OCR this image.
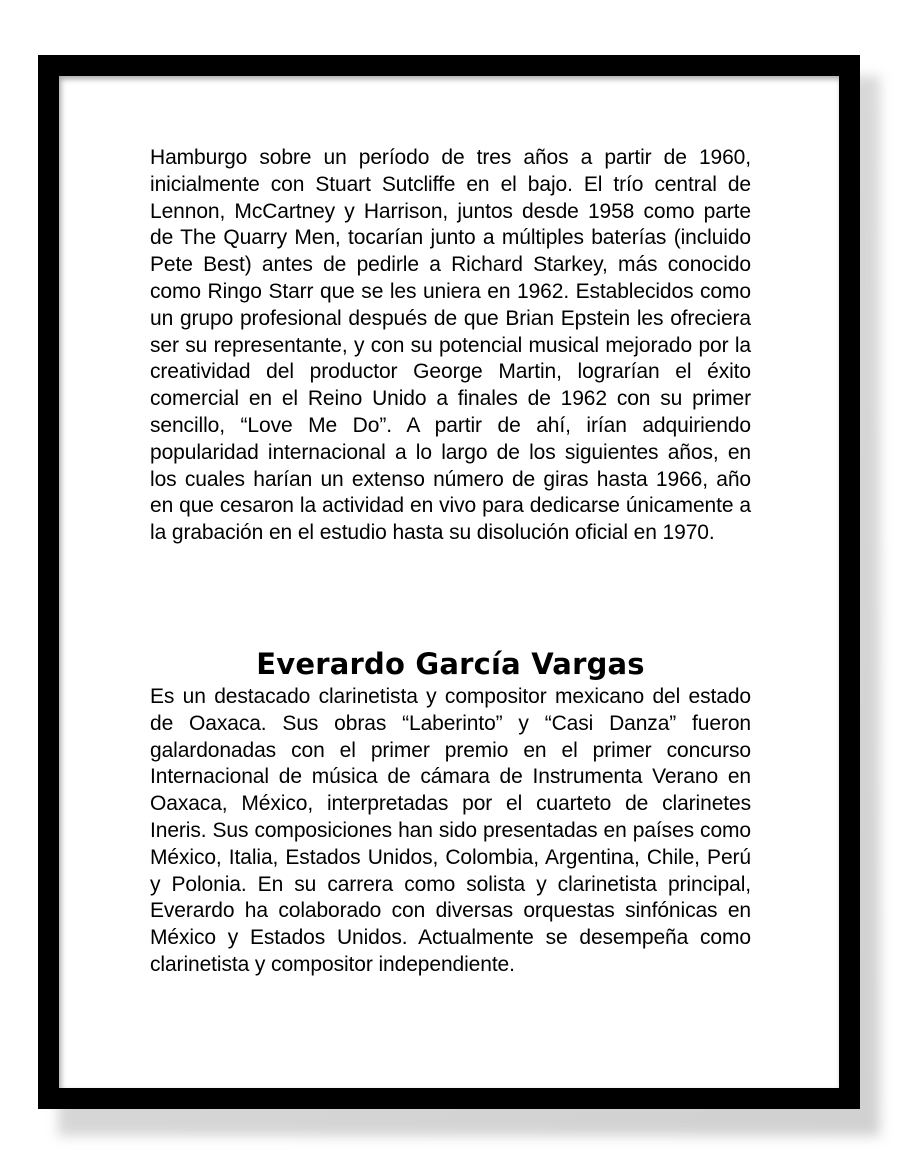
Hamburgo sobre un período de tres años a partir de 1960, inicialmente con Stuart Sutcliffe en el bajo. El trío central de Lennon, McCartney y Harrison, juntos desde 1958 como parte de The Quarry Men, tocarían junto a múltiples baterías (incluido Pete Best) antes de pedirle a Richard Starkey, más conocido como Ringo Starr que se les uniera en 1962. Establecidos como un grupo profesional después de que Brian Epstein les ofreciera ser su representante, y con su potencial musical mejorado por la creatividad del productor George Martin, lograrían el éxito comercial en el Reino Unido a finales de 1962 con su primer sencillo, “Love Me Do”. A partir de ahí, irían adquiriendo popularidad internacional a lo largo de los siguientes años, en los cuales harían un extenso número de giras hasta 1966, año en que cesaron la actividad en vivo para dedicarse únicamente a la grabación en el estudio hasta su disolución oficial en 1970.

Everardo García Vargas

Es un destacado clarinetista y compositor mexicano del estado de Oaxaca. Sus obras “Laberinto” y “Casi Danza” fueron galardonadas con el primer premio en el primer concurso Internacional de música de cámara de Instrumenta Verano en Oaxaca, México, interpretadas por el cuarteto de clarinetes Ineris. Sus composiciones han sido presentadas en países como México, Italia, Estados Unidos, Colombia, Argentina, Chile, Perú y Polonia. En su carrera como solista y clarinetista principal, Everardo ha colaborado con diversas orquestas sinfónicas en México y Estados Unidos. Actualmente se desempeña como clarinetista y compositor independiente.
